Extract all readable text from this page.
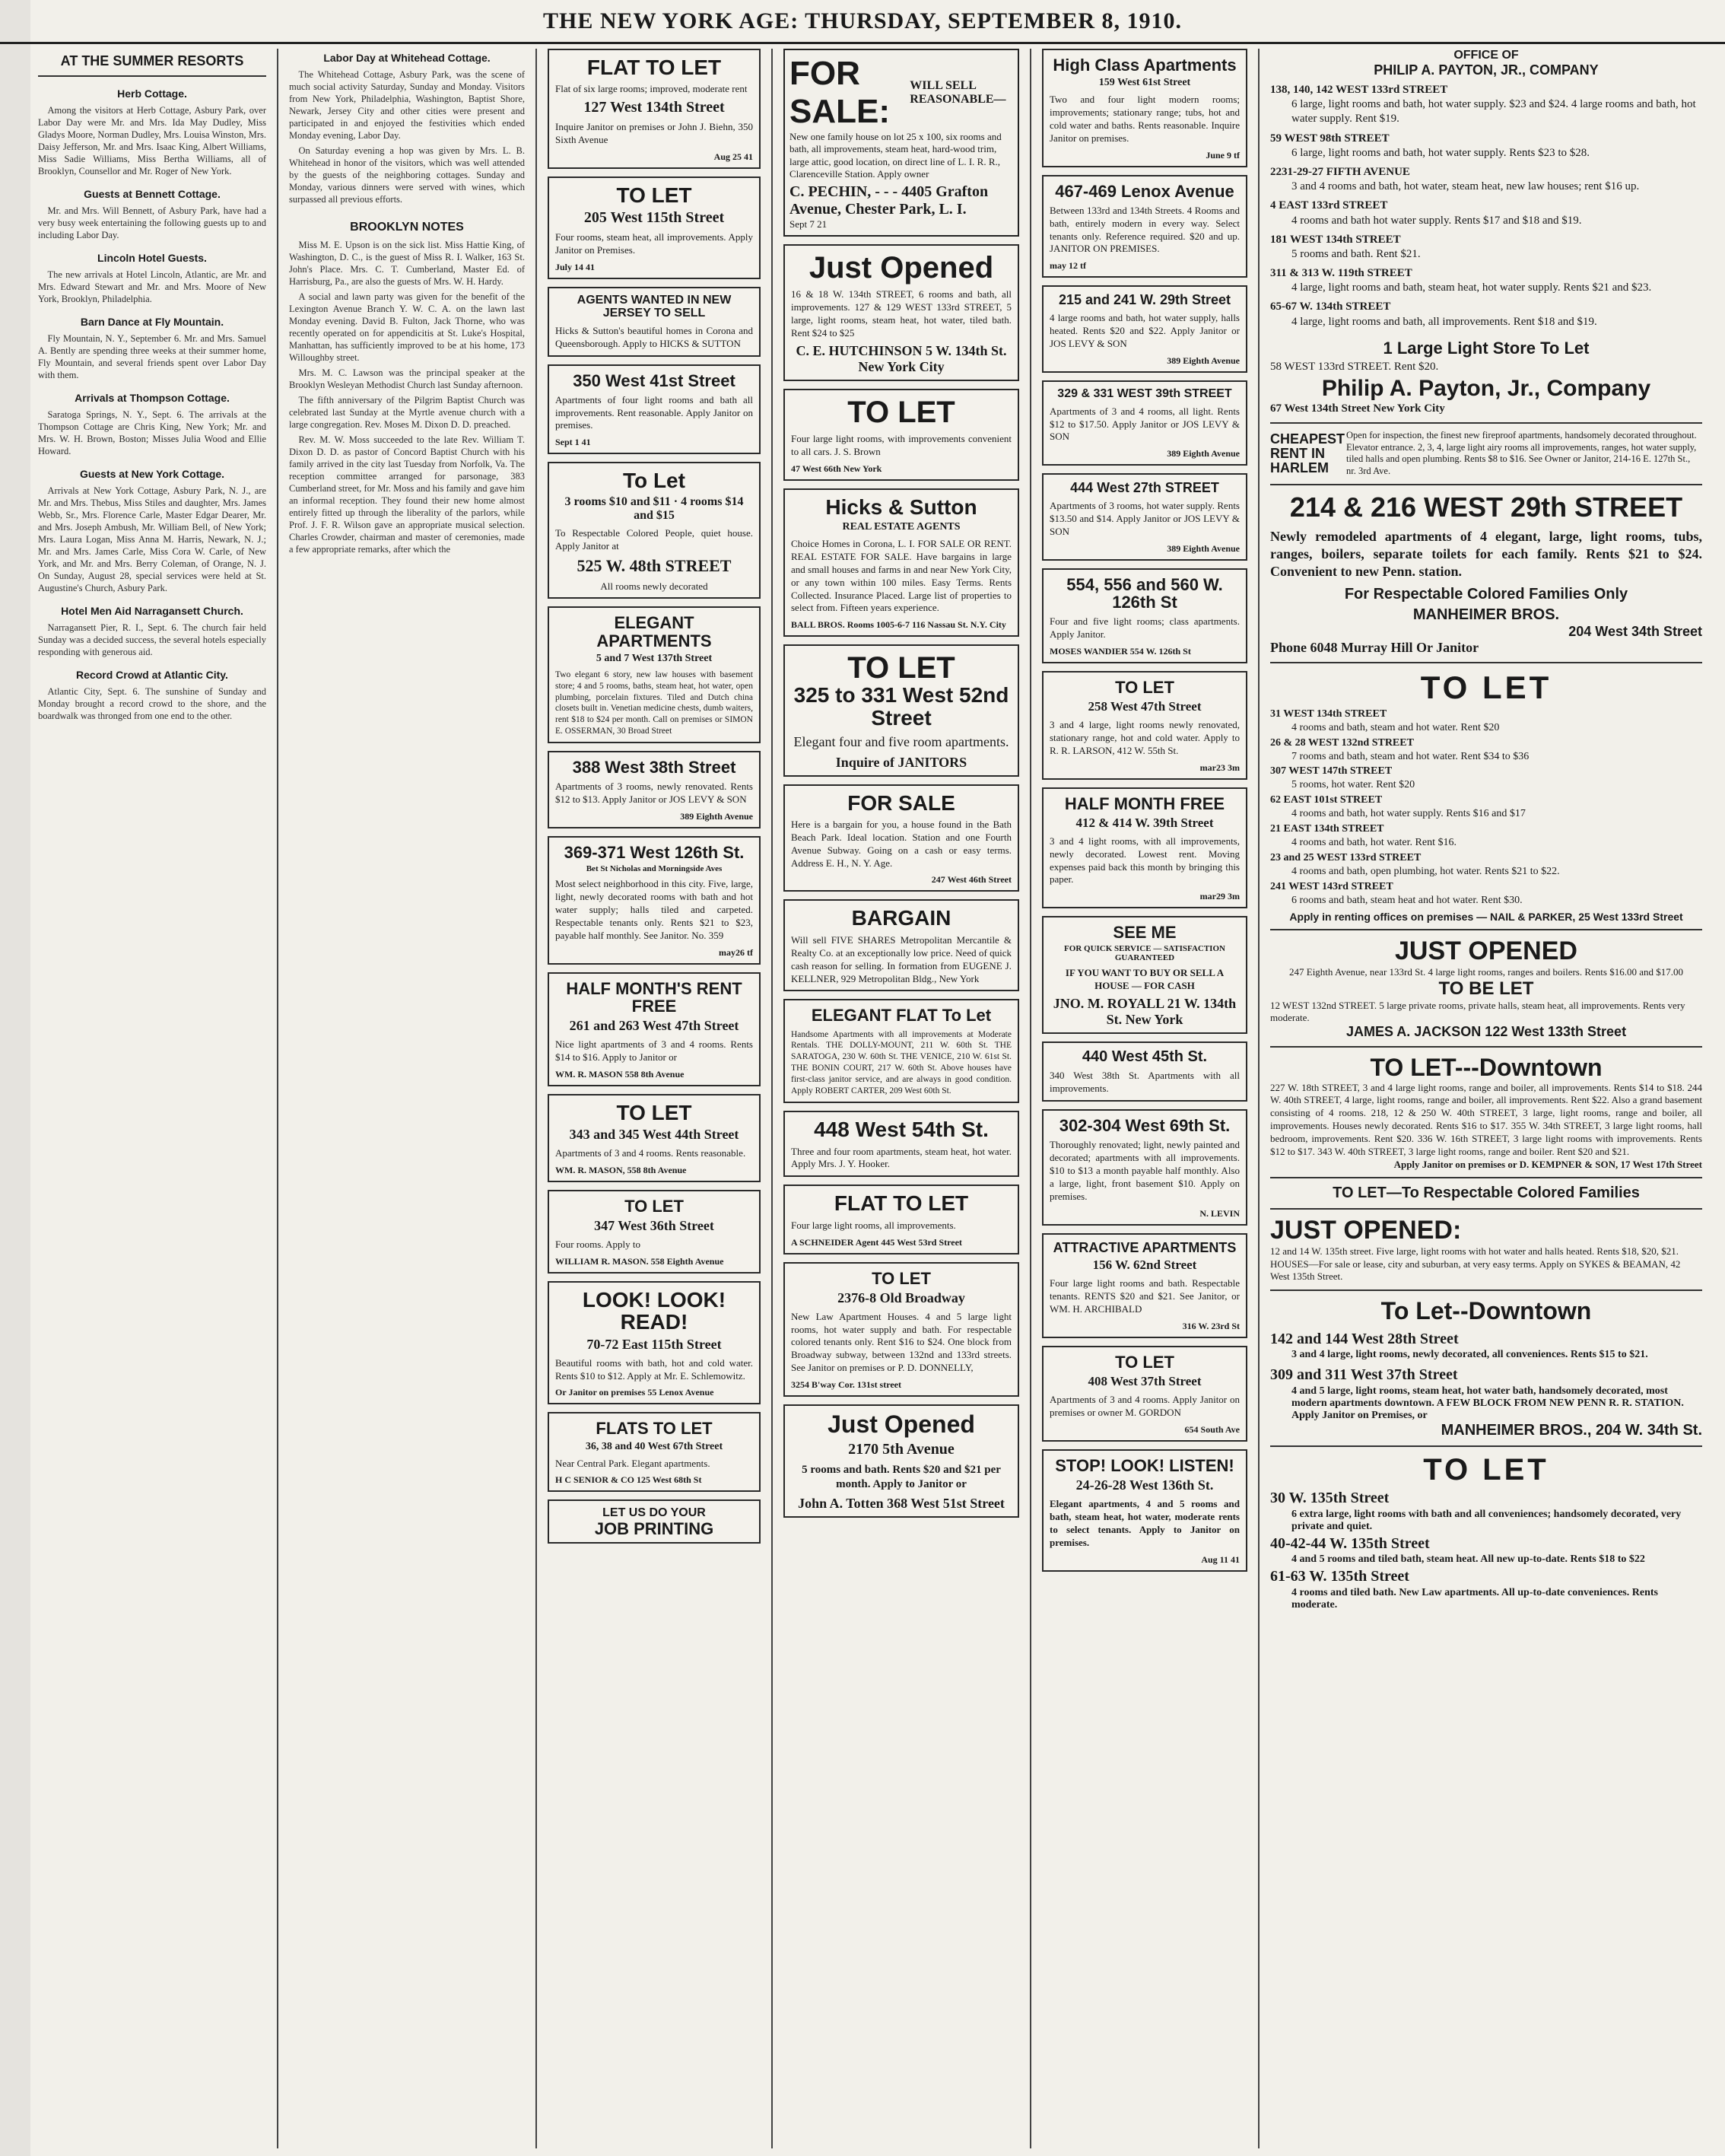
THE NEW YORK AGE: THURSDAY, SEPTEMBER 8, 1910.
AT THE SUMMER RESORTS
Herb Cottage.

Among the visitors at Herb Cottage, Asbury Park, over Labor Day were Mr. and Mrs. Ida May Dudley, Miss Gladys Moore, Norman Dudley, Mrs. Louisa Winston, Mrs. Daisy Jefferson, Mr. and Mrs. Isaac King, Albert Williams, Miss Sadie Williams, Miss Bertha Williams, all of Brooklyn, Counsellor and Mr. Roger of New York.

Guests at Bennett Cottage.

Mr. and Mrs. Will Bennett, of Asbury Park, have had a very busy week entertaining the following guests up to and including Labor Day.

Lincoln Hotel Guests.

The new arrivals at Hotel Lincoln, Atlantic, are Mr. and Mrs. Edward Stewart and Mr. and Mrs. Moore of New York, Brooklyn, Philadelphia.

Barn Dance at Fly Mountain.

Fly Mountain, N. Y., September 6. Mr. and Mrs. Samuel A. Bently are spending three weeks at their summer home, Fly Mountain, and several friends spent over Labor Day with them.

Arrivals at Thompson Cottage.

Saratoga Springs, N. Y., Sept. 6. The arrivals at the Thompson Cottage are Chris King, New York; Mr. and Mrs. W. H. Brown, Boston; Misses Julia Wood and Ellie Howard.

Guests at New York Cottage.

Arrivals at New York Cottage, Asbury Park, N. J., are Mr. and Mrs. Thebus, Miss Stiles and daughter, Mrs. James Webb, Sr., Mrs. Florence Carle, Master Edgar Dearer, Mr. and Mrs. Joseph Ambush, Mr. William Bell, of New York; Mrs. Laura Logan, Miss Anna M. Harris, Newark, N. J.; Mr. and Mrs. James Carle, Miss Cora W. Carle, of New York, and Mr. and Mrs. Berry Coleman, of Orange, N. J. On Sunday, August 28, special services were held at St. Augustine's Church, Asbury Park.

Hotel Men Aid Narragansett Church.

Narragansett Pier, R. I., Sept. 6. The church fair held Sunday was a decided success, the several hotels especially responding with generous aid.

Record Crowd at Atlantic City.

Atlantic City, Sept. 6. The sunshine of Sunday and Monday brought a record crowd to the shore, and the boardwalk was thronged from one end to the other.

Labor Day at Whitehead Cottage.

The Whitehead Cottage, Asbury Park, was the scene of much social activity Saturday, Sunday and Monday. Visitors from New York, Philadelphia, Washington, Baptist Shore, Newark, Jersey City and other cities were present and participated in and enjoyed the festivities which ended Monday evening, Labor Day.

On Saturday evening a hop was given by Mrs. L. B. Whitehead in honor of the visitors, which was well attended by the guests of the neighboring cottages. Sunday and Monday, various dinners were served with wines, which surpassed all previous efforts.

BROOKLYN NOTES

Miss M. E. Upson is on the sick list. Miss Hattie King, of Washington, D. C., is the guest of Miss R. I. Walker, 163 St. John's Place. Mrs. C. T. Cumberland, Master Ed. of Harrisburg, Pa., are also the guests of Mrs. W. H. Hardy.

A social and lawn party was given for the benefit of the Lexington Avenue Branch Y. W. C. A. on the lawn last Monday evening. David B. Fulton, Jack Thorne, who was recently operated on for appendicitis at St. Luke's Hospital, Manhattan, has sufficiently improved to be at his home, 173 Willoughby street.

Mrs. M. C. Lawson was the principal speaker at the Brooklyn Wesleyan Methodist Church last Sunday afternoon.

The fifth anniversary of the Pilgrim Baptist Church was celebrated last Sunday at the Myrtle avenue church with a large congregation. Rev. Moses M. Dixon D. D. preached.

Rev. M. W. Moss succeeded to the late Rev. William T. Dixon D. D. as pastor of Concord Baptist Church with his family arrived in the city last Tuesday from Norfolk, Va. The reception committee arranged for parsonage, 383 Cumberland street, for Mr. Moss and his family and gave him an informal reception. They found their new home almost entirely fitted up through the liberality of the parlors, while Prof. J. F. R. Wilson gave an appropriate musical selection. Charles Crowder, chairman and master of ceremonies, made a few appropriate remarks, after which the

FLAT TO LET
Flat of six large rooms; improved, moderate rent
127 West 134th Street
Inquire Janitor on premises or John J. Biehn, 350 Sixth Avenue
Aug 25 41
TO LET
205 West 115th Street
Four rooms, steam heat, all improvements. Apply Janitor on Premises.
July 14 41
AGENTS WANTED IN NEW JERSEY TO SELL
Hicks & Sutton's beautiful homes in Corona and Queensborough. Apply to HICKS & SUTTON
350 West 41st Street
Apartments of four light rooms and bath all improvements. Rent reasonable. Apply Janitor on premises.
Sept 1 41
To Let
3 rooms $10 and $11 · 4 rooms $14 and $15
To Respectable Colored People, quiet house. Apply Janitor at
525 W. 48th STREET
All rooms newly decorated
ELEGANT APARTMENTS
5 and 7 West 137th Street
Two elegant 6 story, new law houses with basement store; 4 and 5 rooms, baths, steam heat, hot water, open plumbing, porcelain fixtures. Tiled and Dutch china closets built in. Venetian medicine chests, dumb waiters, rent $18 to $24 per month. Call on premises or SIMON E. OSSERMAN, 30 Broad Street
388 West 38th Street
Apartments of 3 rooms, newly renovated. Rents $12 to $13. Apply Janitor or JOS LEVY & SON
389 Eighth Avenue
369-371 West 126th St.
Bet St Nicholas and Morningside Aves
Most select neighborhood in this city. Five, large, light, newly decorated rooms with bath and hot water supply; halls tiled and carpeted. Respectable tenants only. Rents $21 to $23, payable half monthly. See Janitor. No. 359
may26 tf
HALF MONTH'S RENT FREE
261 and 263 West 47th Street
Nice light apartments of 3 and 4 rooms. Rents $14 to $16. Apply to Janitor or
WM. R. MASON 558 8th Avenue
TO LET
343 and 345 West 44th Street
Apartments of 3 and 4 rooms. Rents reasonable.
WM. R. MASON, 558 8th Avenue
TO LET
347 West 36th Street
Four rooms. Apply to
WILLIAM R. MASON. 558 Eighth Avenue
LOOK! LOOK! READ!
70-72 East 115th Street
Beautiful rooms with bath, hot and cold water. Rents $10 to $12. Apply at Mr. E. Schlemowitz.
Or Janitor on premises 55 Lenox Avenue
FLATS TO LET
36, 38 and 40 West 67th Street
Near Central Park. Elegant apartments.
H C SENIOR & CO 125 West 68th St
LET US DO YOUR
JOB PRINTING
FOR SALE:
WILL SELL REASONABLE—
New one family house on lot 25 x 100, six rooms and bath, all improvements, steam heat, hard-wood trim, large attic, good location, on direct line of L. I. R. R., Clarenceville Station. Apply owner
C. PECHIN, - - - 4405 Grafton Avenue, Chester Park, L. I.
Sept 7 21
Just Opened
16 & 18 W. 134th STREET, 6 rooms and bath, all improvements. 127 & 129 WEST 133rd STREET, 5 large, light rooms, steam heat, hot water, tiled bath. Rent $24 to $25
C. E. HUTCHINSON 5 W. 134th St. New York City
TO LET
Four large light rooms, with improvements convenient to all cars. J. S. Brown
47 West 66th New York
Hicks & Sutton
REAL ESTATE AGENTS
Choice Homes in Corona, L. I. FOR SALE OR RENT. REAL ESTATE FOR SALE. Have bargains in large and small houses and farms in and near New York City, or any town within 100 miles. Easy Terms. Rents Collected. Insurance Placed. Large list of properties to select from. Fifteen years experience.
BALL BROS. Rooms 1005-6-7 116 Nassau St. N.Y. City
TO LET
325 to 331 West 52nd Street
Elegant four and five room apartments.
Inquire of JANITORS
FOR SALE
Here is a bargain for you, a house found in the Bath Beach Park. Ideal location. Station and one Fourth Avenue Subway. Going on a cash or easy terms. Address E. H., N. Y. Age.
247 West 46th Street
BARGAIN
Will sell FIVE SHARES Metropolitan Mercantile & Realty Co. at an exceptionally low price. Need of quick cash reason for selling. In formation from EUGENE J. KELLNER, 929 Metropolitan Bldg., New York
ELEGANT FLAT To Let
Handsome Apartments with all improvements at Moderate Rentals. THE DOLLY-MOUNT, 211 W. 60th St. THE SARATOGA, 230 W. 60th St. THE VENICE, 210 W. 61st St. THE BONIN COURT, 217 W. 60th St. Above houses have first-class janitor service, and are always in good condition. Apply ROBERT CARTER, 209 West 60th St.
448 West 54th St.
Three and four room apartments, steam heat, hot water. Apply Mrs. J. Y. Hooker.
FLAT TO LET
Four large light rooms, all improvements.
A SCHNEIDER Agent 445 West 53rd Street
TO LET
2376-8 Old Broadway
New Law Apartment Houses. 4 and 5 large light rooms, hot water supply and bath. For respectable colored tenants only. Rent $16 to $24. One block from Broadway subway, between 132nd and 133rd streets. See Janitor on premises or P. D. DONNELLY,
3254 B'way Cor. 131st street
Just Opened
2170 5th Avenue
5 rooms and bath. Rents $20 and $21 per month. Apply to Janitor or
John A. Totten 368 West 51st Street
High Class Apartments
159 West 61st Street
Two and four light modern rooms; improvements; stationary range; tubs, hot and cold water and baths. Rents reasonable. Inquire Janitor on premises.
June 9 tf
467-469 Lenox Avenue
Between 133rd and 134th Streets. 4 Rooms and bath, entirely modern in every way. Select tenants only. Reference required. $20 and up. JANITOR ON PREMISES.
may 12 tf
215 and 241 W. 29th Street
4 large rooms and bath, hot water supply, halls heated. Rents $20 and $22. Apply Janitor or JOS LEVY & SON
389 Eighth Avenue
329 & 331 WEST 39th STREET
Apartments of 3 and 4 rooms, all light. Rents $12 to $17.50. Apply Janitor or JOS LEVY & SON
389 Eighth Avenue
444 West 27th STREET
Apartments of 3 rooms, hot water supply. Rents $13.50 and $14. Apply Janitor or JOS LEVY & SON
389 Eighth Avenue
554, 556 and 560 W. 126th St
Four and five light rooms; class apartments. Apply Janitor.
MOSES WANDIER 554 W. 126th St
TO LET
258 West 47th Street
3 and 4 large, light rooms newly renovated, stationary range, hot and cold water. Apply to R. R. LARSON, 412 W. 55th St.
mar23 3m
HALF MONTH FREE
412 & 414 W. 39th Street
3 and 4 light rooms, with all improvements, newly decorated. Lowest rent. Moving expenses paid back this month by bringing this paper.
mar29 3m
SEE ME
FOR QUICK SERVICE — SATISFACTION GUARANTEED
IF YOU WANT TO BUY OR SELL A HOUSE — FOR CASH
JNO. M. ROYALL 21 W. 134th St. New York
440 West 45th St.
340 West 38th St. Apartments with all improvements.
302-304 West 69th St.
Thoroughly renovated; light, newly painted and decorated; apartments with all improvements. $10 to $13 a month payable half monthly. Also a large, light, front basement $10. Apply on premises.
N. LEVIN
ATTRACTIVE APARTMENTS
156 W. 62nd Street
Four large light rooms and bath. Respectable tenants. RENTS $20 and $21. See Janitor, or WM. H. ARCHIBALD
316 W. 23rd St
TO LET
408 West 37th Street
Apartments of 3 and 4 rooms. Apply Janitor on premises or owner M. GORDON
654 South Ave
STOP! LOOK! LISTEN!
24-26-28 West 136th St.
Elegant apartments, 4 and 5 rooms and bath, steam heat, hot water, moderate rents to select tenants. Apply to Janitor on premises.
Aug 11 41
OFFICE OF
PHILIP A. PAYTON, JR., COMPANY
138, 140, 142 WEST 133rd STREET
6 large, light rooms and bath, hot water supply. $23 and $24. 4 large rooms and bath, hot water supply. Rent $19.
59 WEST 98th STREET
6 large, light rooms and bath, hot water supply. Rents $23 to $28.
2231-29-27 FIFTH AVENUE
3 and 4 rooms and bath, hot water, steam heat, new law houses; rent $16 up.
4 EAST 133rd STREET
4 rooms and bath hot water supply. Rents $17 and $18 and $19.
181 WEST 134th STREET
5 rooms and bath. Rent $21.
311 & 313 W. 119th STREET
4 large, light rooms and bath, steam heat, hot water supply. Rents $21 and $23.
65-67 W. 134th STREET
4 large, light rooms and bath, all improvements. Rent $18 and $19.
1 Large Light Store To Let
58 WEST 133rd STREET. Rent $20.
Philip A. Payton, Jr., Company
67 West 134th Street New York City
CHEAPEST RENT IN HARLEM
Open for inspection, the finest new fireproof apartments, handsomely decorated throughout. Elevator entrance. 2, 3, 4, large light airy rooms all improvements, ranges, hot water supply, tiled halls and open plumbing. Rents $8 to $16. See Owner or Janitor, 214-16 E. 127th St., nr. 3rd Ave.
214 & 216 WEST 29th STREET
Newly remodeled apartments of 4 elegant, large, light rooms, tubs, ranges, boilers, separate toilets for each family. Rents $21 to $24. Convenient to new Penn. station.
For Respectable Colored Families Only
MANHEIMER BROS.
204 West 34th Street
Phone 6048 Murray Hill Or Janitor
TO LET
31 WEST 134th STREET
4 rooms and bath, steam and hot water. Rent $20
26 & 28 WEST 132nd STREET
7 rooms and bath, steam and hot water. Rent $34 to $36
307 WEST 147th STREET
5 rooms, hot water. Rent $20
62 EAST 101st STREET
4 rooms and bath, hot water supply. Rents $16 and $17
21 EAST 134th STREET
4 rooms and bath, hot water. Rent $16.
23 and 25 WEST 133rd STREET
4 rooms and bath, open plumbing, hot water. Rents $21 to $22.
241 WEST 143rd STREET
6 rooms and bath, steam heat and hot water. Rent $30.
Apply in renting offices on premises — NAIL & PARKER, 25 West 133rd Street
JUST OPENED
247 Eighth Avenue, near 133rd St. 4 large light rooms, ranges and boilers. Rents $16.00 and $17.00
TO BE LET
12 WEST 132nd STREET. 5 large private rooms, private halls, steam heat, all improvements. Rents very moderate.
JAMES A. JACKSON 122 West 133th Street
TO LET---Downtown
227 W. 18th STREET, 3 and 4 large light rooms, range and boiler, all improvements. Rents $14 to $18. 244 W. 40th STREET, 4 large, light rooms, range and boiler, all improvements. Rent $22. Also a grand basement consisting of 4 rooms. 218, 12 & 250 W. 40th STREET, 3 large, light rooms, range and boiler, all improvements. Houses newly decorated. Rents $16 to $17. 355 W. 34th STREET, 3 large light rooms, hall bedroom, improvements. Rent $20. 336 W. 16th STREET, 3 large light rooms with improvements. Rents $12 to $17. 343 W. 40th STREET, 3 large light rooms, range and boiler. Rent $20 and $21.
Apply Janitor on premises or D. KEMPNER & SON, 17 West 17th Street
TO LET—To Respectable Colored Families
JUST OPENED:
12 and 14 W. 135th street. Five large, light rooms with hot water and halls heated. Rents $18, $20, $21. HOUSES—For sale or lease, city and suburban, at very easy terms. Apply on SYKES & BEAMAN, 42 West 135th Street.
To Let--Downtown
142 and 144 West 28th Street
3 and 4 large, light rooms, newly decorated, all conveniences. Rents $15 to $21.
309 and 311 West 37th Street
4 and 5 large, light rooms, steam heat, hot water bath, handsomely decorated, most modern apartments downtown. A FEW BLOCK FROM NEW PENN R. R. STATION. Apply Janitor on Premises, or
MANHEIMER BROS., 204 W. 34th St.
TO LET
30 W. 135th Street
6 extra large, light rooms with bath and all conveniences; handsomely decorated, very private and quiet.
40-42-44 W. 135th Street
4 and 5 rooms and tiled bath, steam heat. All new up-to-date. Rents $18 to $22
61-63 W. 135th Street
4 rooms and tiled bath. New Law apartments. All up-to-date conveniences. Rents moderate.
